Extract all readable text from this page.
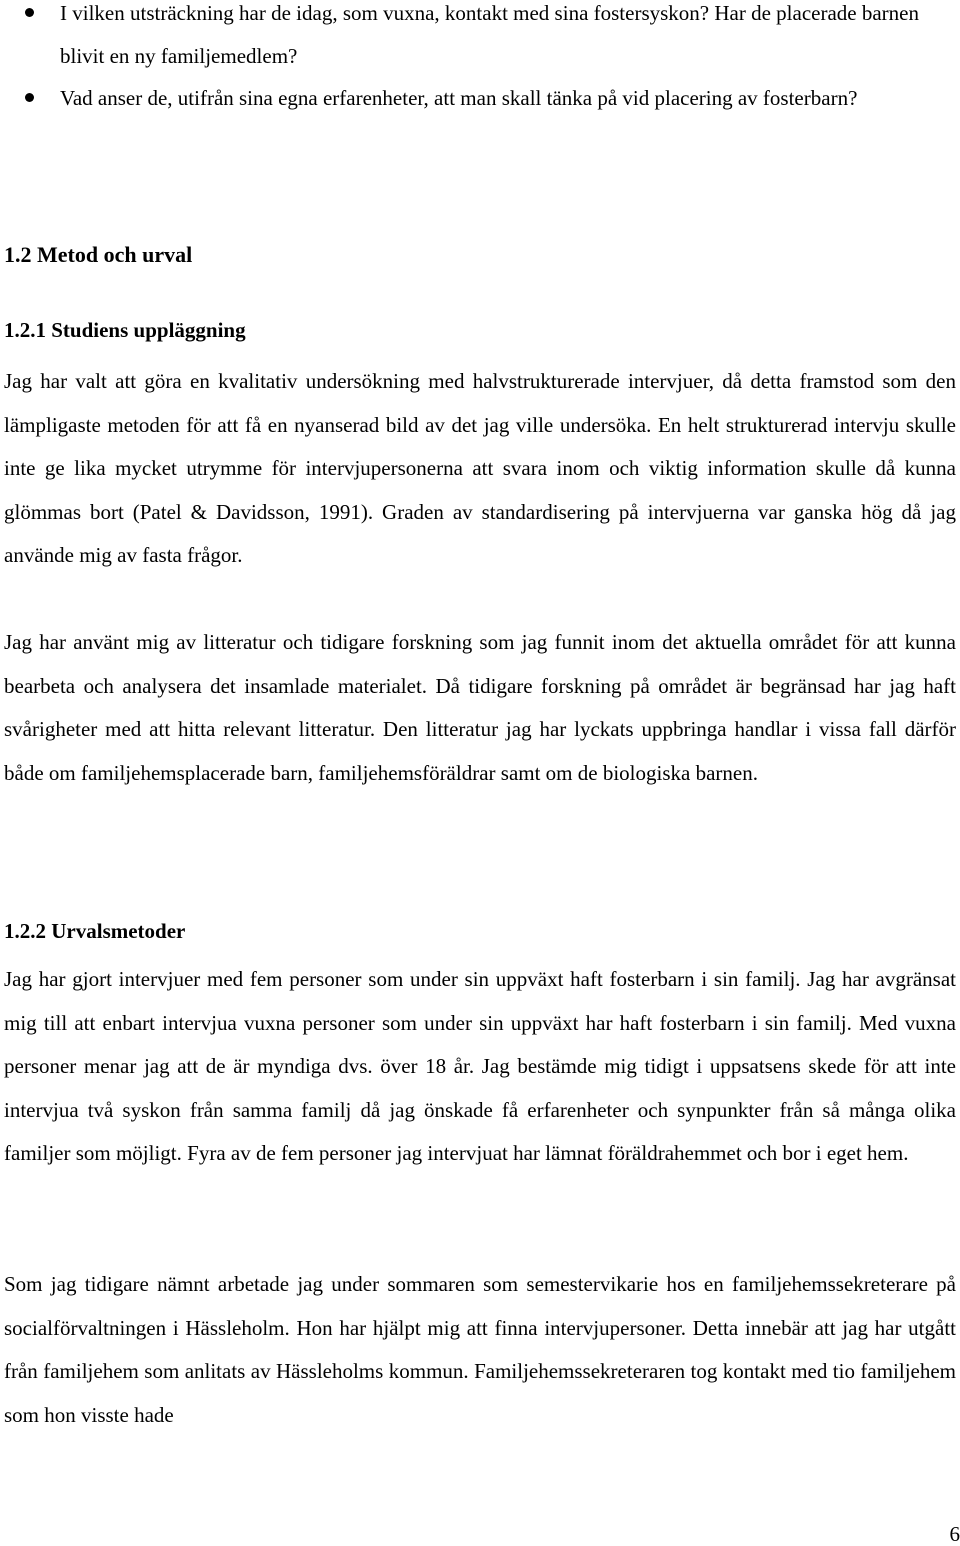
I vilken utsträckning har de idag, som vuxna, kontakt med sina fostersyskon? Har de placerade barnen blivit en ny familjemedlem?
Vad anser de, utifrån sina egna erfarenheter, att man skall tänka på vid placering av fosterbarn?
1.2 Metod och urval
1.2.1 Studiens uppläggning

Jag har valt att göra en kvalitativ undersökning med halvstrukturerade intervjuer, då detta framstod som den lämpligaste metoden för att få en nyanserad bild av det jag ville undersöka. En helt strukturerad intervju skulle inte ge lika mycket utrymme för intervjupersonerna att svara inom och viktig information skulle då kunna glömmas bort (Patel & Davidsson, 1991). Graden av standardisering på intervjuerna var ganska hög då jag använde mig av fasta frågor.

Jag har använt mig av litteratur och tidigare forskning som jag funnit inom det aktuella området för att kunna bearbeta och analysera det insamlade materialet. Då tidigare forskning på området är begränsad har jag haft svårigheter med att hitta relevant litteratur. Den litteratur jag har lyckats uppbringa handlar i vissa fall därför både om familjehemsplacerade barn, familjehemsföräldrar samt om de biologiska barnen.

1.2.2 Urvalsmetoder

Jag har gjort intervjuer med fem personer som under sin uppväxt haft fosterbarn i sin familj. Jag har avgränsat mig till att enbart intervjua vuxna personer som under sin uppväxt har haft fosterbarn i sin familj. Med vuxna personer menar jag att de är myndiga dvs. över 18 år. Jag bestämde mig tidigt i uppsatsens skede för att inte intervjua två syskon från samma familj då jag önskade få erfarenheter och synpunkter från så många olika familjer som möjligt. Fyra av de fem personer jag intervjuat har lämnat föräldrahemmet och bor i eget hem.

Som jag tidigare nämnt arbetade jag under sommaren som semestervikarie hos en familjehemssekreterare på socialförvaltningen i Hässleholm. Hon har hjälpt mig att finna intervjupersoner. Detta innebär att jag har utgått från familjehem som anlitats av Hässleholms kommun. Familjehemssekreteraren tog kontakt med tio familjehem som hon visste hade

6
